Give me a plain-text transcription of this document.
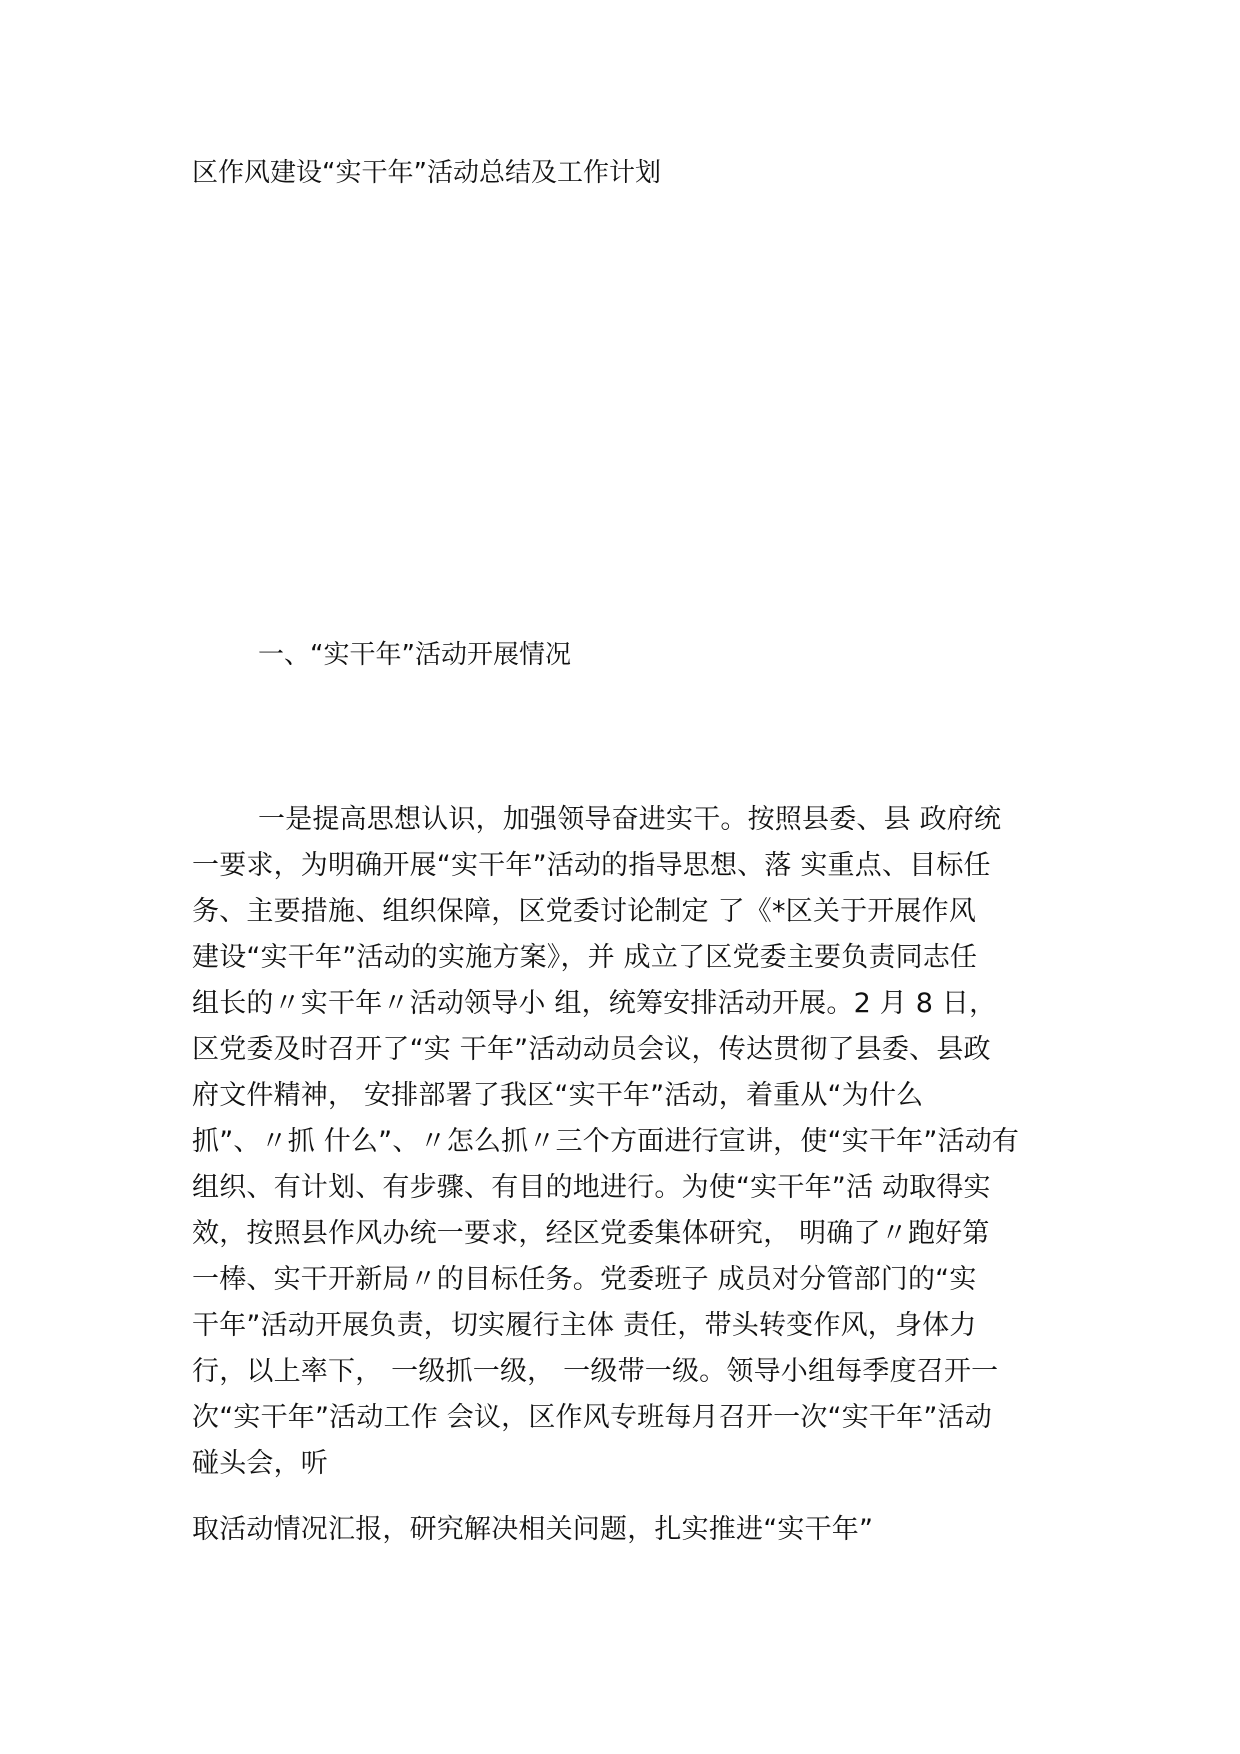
区作风建设“实干年”活动总结及工作计划
一、“实干年”活动开展情况
一是提高思想认识，加强领导奋进实干。按照县委、县 政府统
一要求，为明确开展“实干年”活动的指导思想、落 实重点、目标任
务、主要措施、组织保障，区党委讨论制定 了《*区关于开展作风
建设“实干年”活动的实施方案》，并 成立了区党委主要负责同志任
组长的〃实干年〃活动领导小 组，统筹安排活动开展。2 月 8 日，
区党委及时召开了“实 干年”活动动员会议，传达贯彻了县委、县政
府文件精神， 安排部署了我区“实干年”活动，着重从“为什么
抓”、〃抓 什么”、〃怎么抓〃三个方面进行宣讲，使“实干年”活动有
组织、有计划、有步骤、有目的地进行。为使“实干年”活 动取得实
效，按照县作风办统一要求，经区党委集体研究， 明确了〃跑好第
一棒、实干开新局〃的目标任务。党委班子 成员对分管部门的“实
干年”活动开展负责，切实履行主体 责任，带头转变作风，身体力
行，以上率下， 一级抓一级， 一级带一级。领导小组每季度召开一
次“实干年”活动工作 会议，区作风专班每月召开一次“实干年”活动
碰头会，听
取活动情况汇报，研究解决相关问题，扎实推进“实干年”
